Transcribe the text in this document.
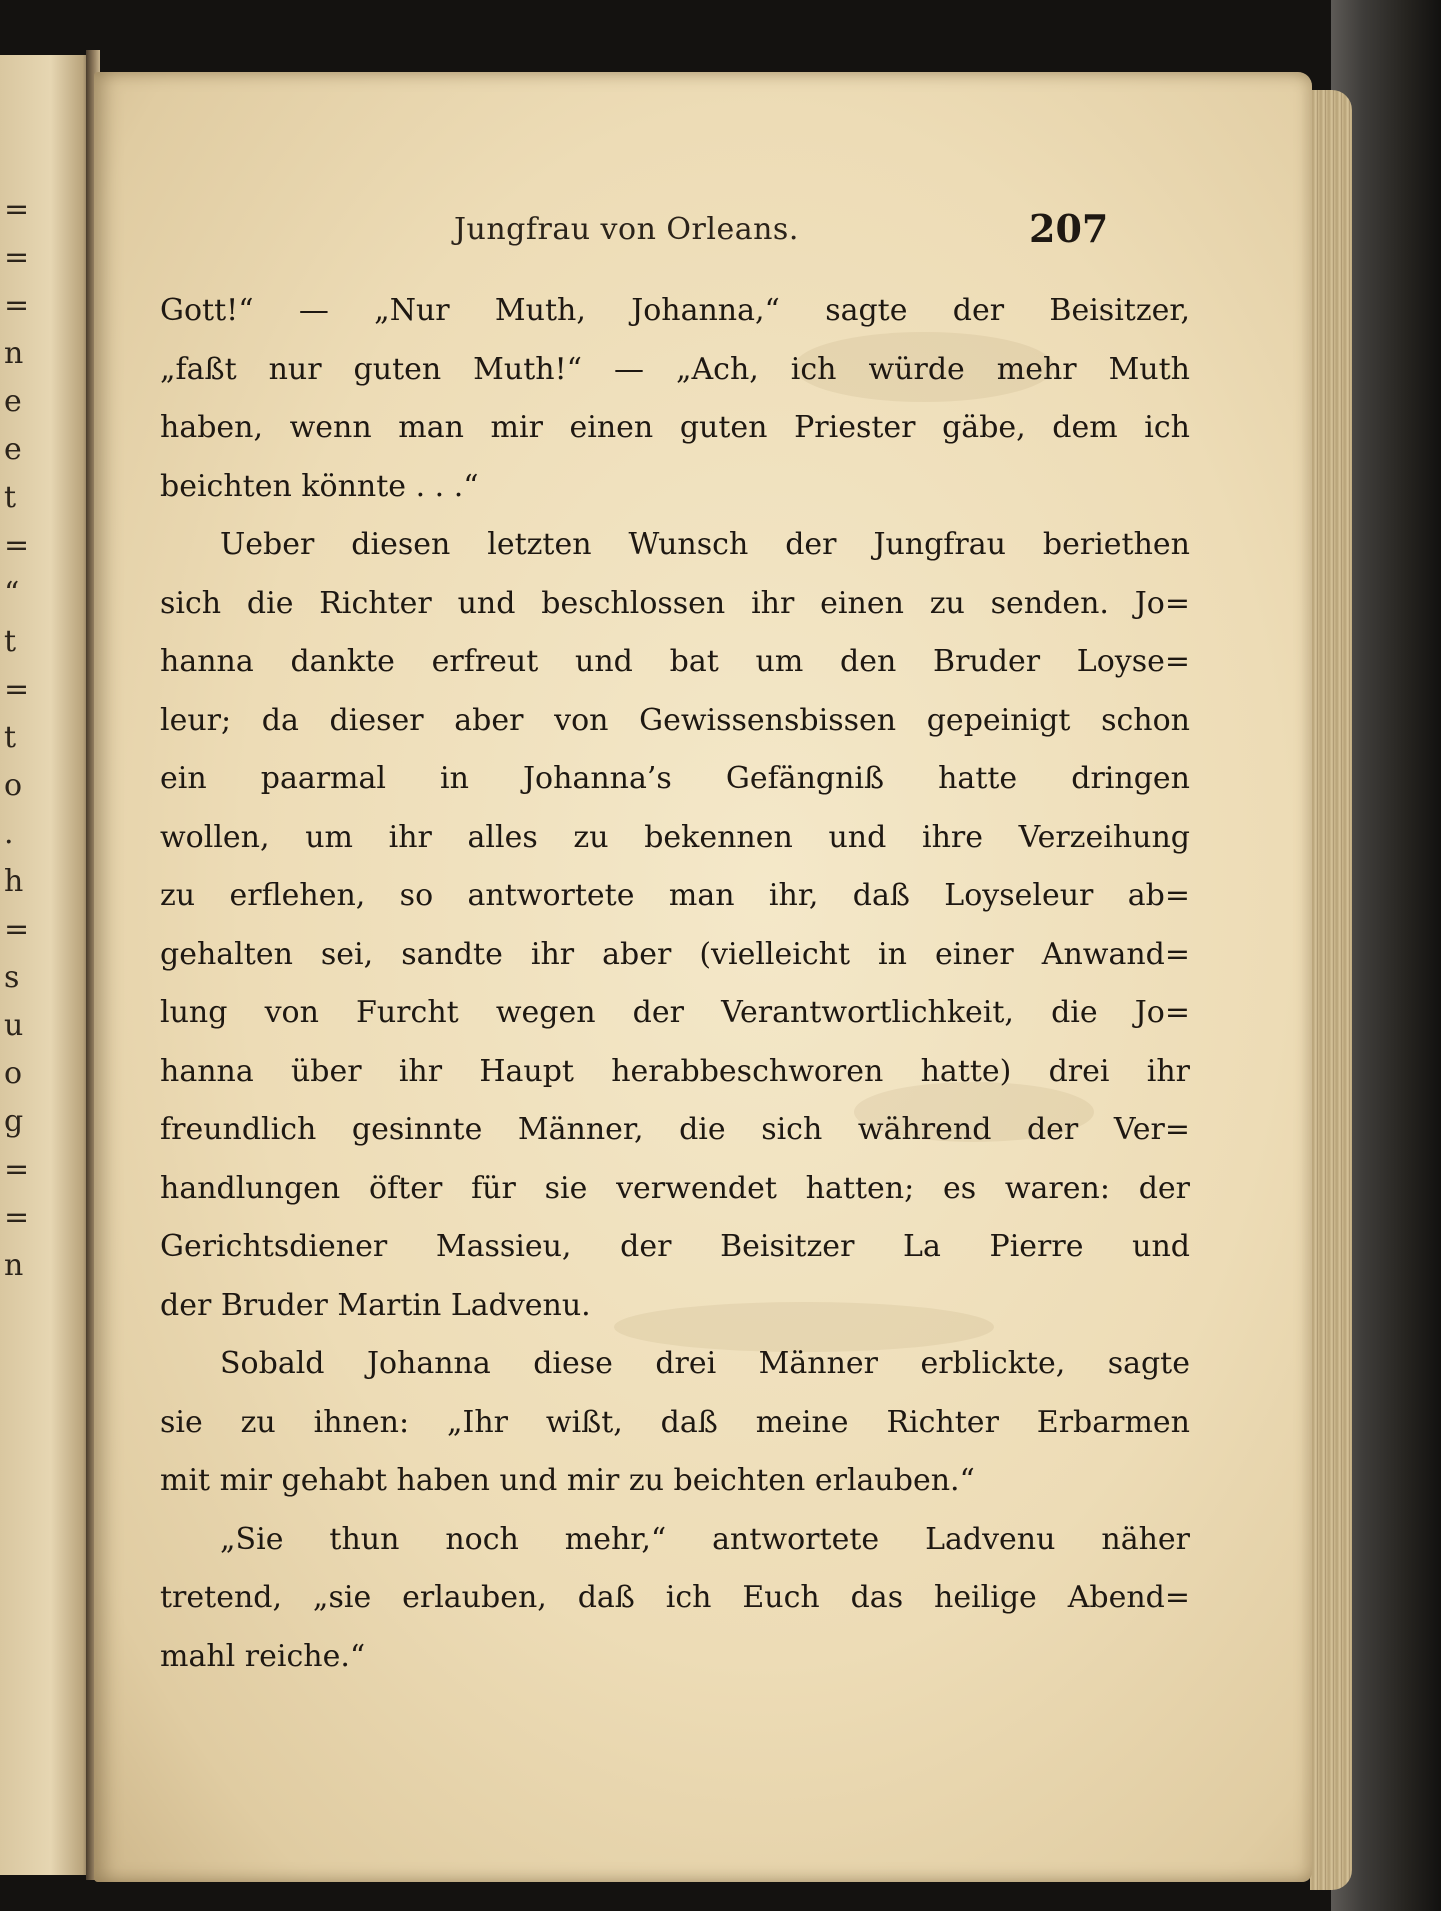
=
=
=
n
e
e
t
=
“
t
=
t
o
.
h
=
s
u
o
g
=
=
n
Jungfrau von Orleans.	207
Gott!“ — „Nur Muth, Johanna,“ sagte der Beisitzer,
„faßt nur guten Muth!“ — „Ach, ich würde mehr Muth
haben, wenn man mir einen guten Priester gäbe, dem ich
beichten könnte . . .“
Ueber diesen letzten Wunsch der Jungfrau beriethen
sich die Richter und beschlossen ihr einen zu senden. Jo=
hanna dankte erfreut und bat um den Bruder Loyse=
leur; da dieser aber von Gewissensbissen gepeinigt schon
ein paarmal in Johanna’s Gefängniß hatte dringen
wollen, um ihr alles zu bekennen und ihre Verzeihung
zu erflehen, so antwortete man ihr, daß Loyseleur ab=
gehalten sei, sandte ihr aber (vielleicht in einer Anwand=
lung von Furcht wegen der Verantwortlichkeit, die Jo=
hanna über ihr Haupt herabbeschworen hatte) drei ihr
freundlich gesinnte Männer, die sich während der Ver=
handlungen öfter für sie verwendet hatten; es waren: der
Gerichtsdiener Massieu, der Beisitzer La Pierre und
der Bruder Martin Ladvenu.
Sobald Johanna diese drei Männer erblickte, sagte
sie zu ihnen: „Ihr wißt, daß meine Richter Erbarmen
mit mir gehabt haben und mir zu beichten erlauben.“
„Sie thun noch mehr,“ antwortete Ladvenu näher
tretend, „sie erlauben, daß ich Euch das heilige Abend=
mahl reiche.“
